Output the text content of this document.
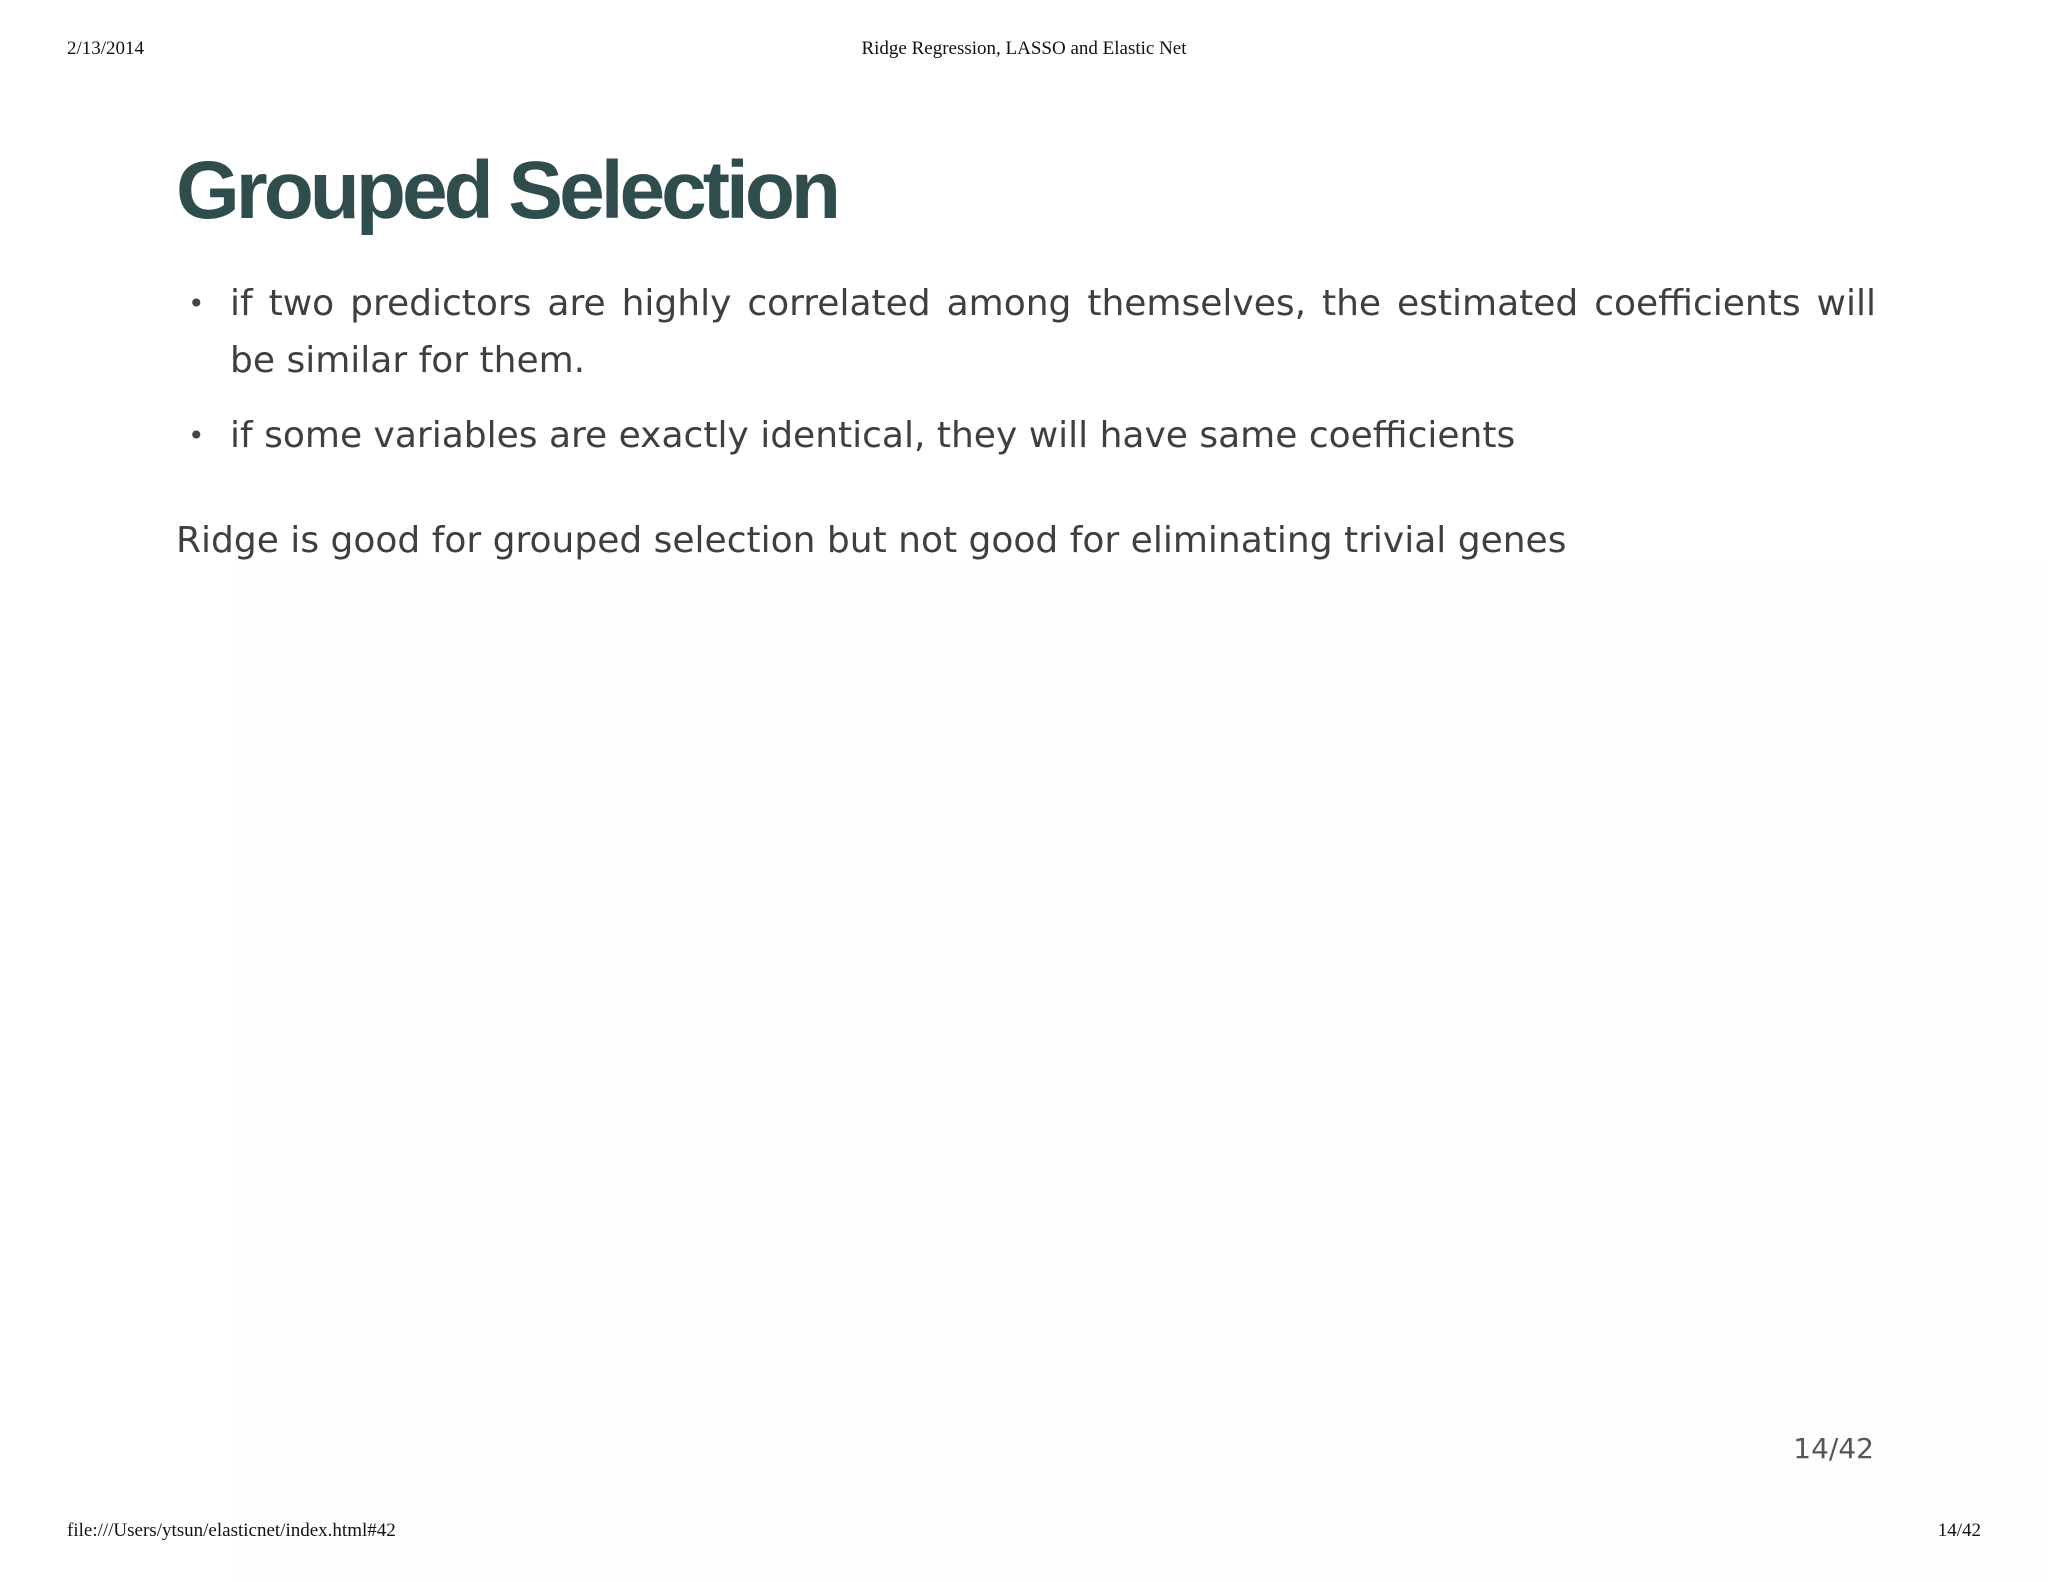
2/13/2014	Ridge Regression, LASSO and Elastic Net
Grouped Selection
• if two predictors are highly correlated among themselves, the estimated coefficients will be similar for them.
• if some variables are exactly identical, they will have same coefficients

Ridge is good for grouped selection but not good for eliminating trivial genes

14/42
file:///Users/ytsun/elasticnet/index.html#42	14/42
